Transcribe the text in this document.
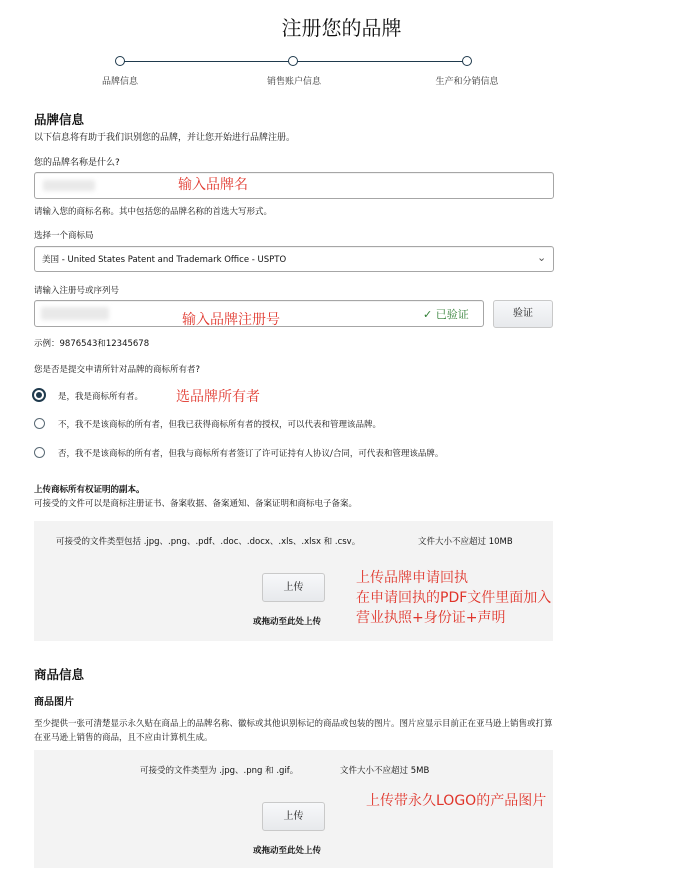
注册您的品牌
品牌信息	销售账户信息	生产和分销信息
品牌信息
以下信息将有助于我们识别您的品牌，并让您开始进行品牌注册。
您的品牌名称是什么?
输入品牌名
请输入您的商标名称。其中包括您的品牌名称的首选大写形式。
选择一个商标局
美国 - United States Patent and Trademark Office - USPTO	⌄
请输入注册号或序列号
✓ 已验证
输入品牌注册号	验证
示例：9876543和12345678
您是否是提交申请所针对品牌的商标所有者?
是，我是商标所有者。 选品牌所有者
不，我不是该商标的所有者，但我已获得商标所有者的授权，可以代表和管理该品牌。
否，我不是该商标的所有者，但我与商标所有者签订了许可证持有人协议/合同，可代表和管理该品牌。
上传商标所有权证明的副本。
可接受的文件可以是商标注册证书、备案收据、备案通知、备案证明和商标电子备案。
可接受的文件类型包括 .jpg、.png、.pdf、.doc、.docx、.xls、.xlsx 和 .csv。	文件大小不应超过 10MB
上传
或拖动至此处上传
上传品牌申请回执
在申请回执的PDF文件里面加入
营业执照+身份证+声明
商品信息
商品图片
至少提供一张可清楚显示永久贴在商品上的品牌名称、徽标或其他识别标记的商品或包装的图片。图片应显示目前正在亚马逊上销售或打算在亚马逊上销售的商品，且不应由计算机生成。
可接受的文件类型为 .jpg、.png 和 .gif。	文件大小不应超过 5MB
上传
或拖动至此处上传
上传带永久LOGO的产品图片
